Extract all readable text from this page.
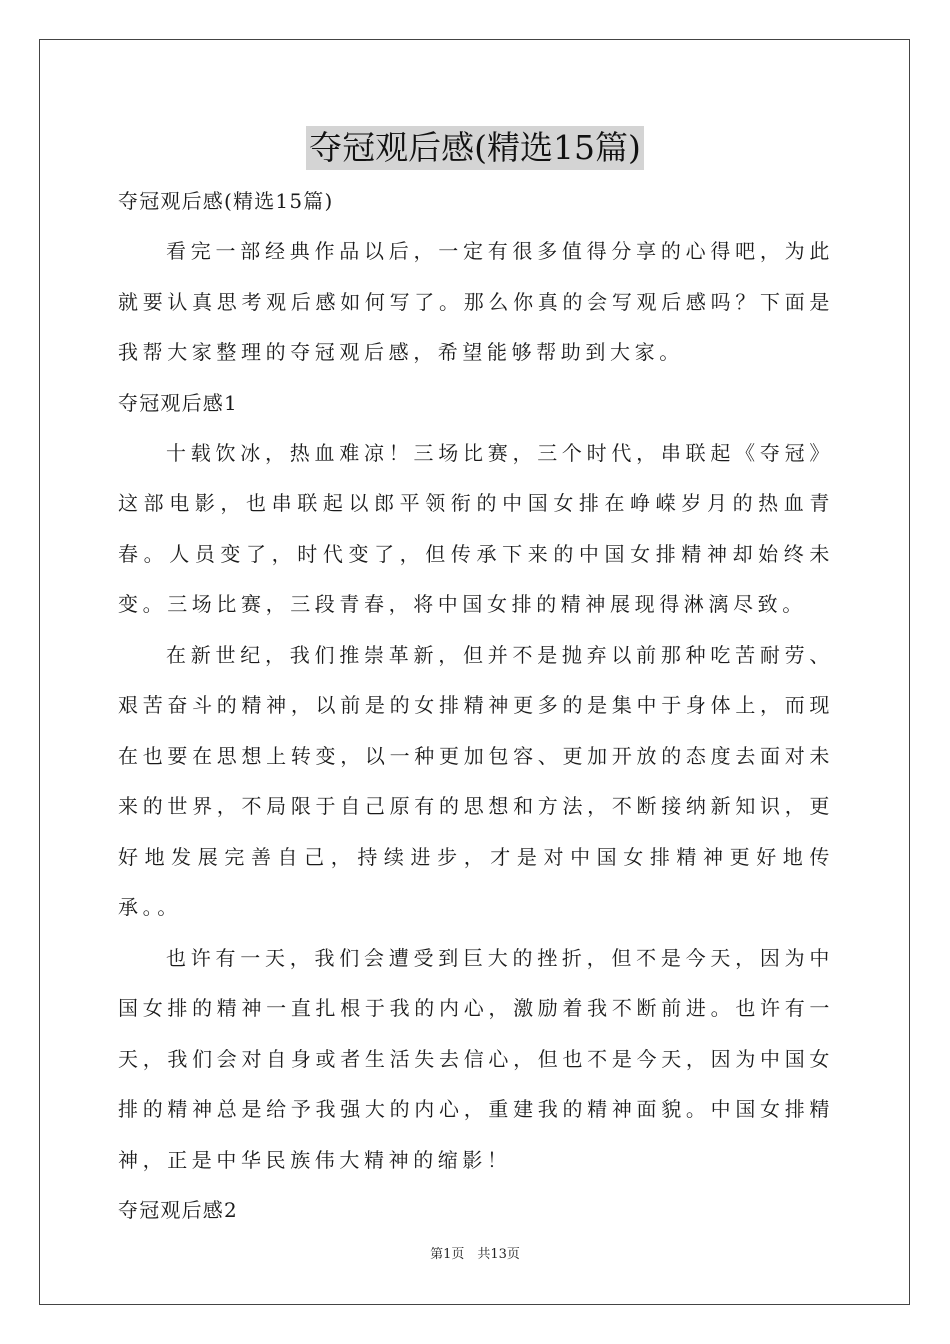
夺冠观后感(精选15篇)

夺冠观后感(精选15篇)

看完一部经典作品以后，一定有很多值得分享的心得吧，为此就要认真思考观后感如何写了。那么你真的会写观后感吗？下面是我帮大家整理的夺冠观后感，希望能够帮助到大家。

夺冠观后感1

十载饮冰，热血难凉！三场比赛，三个时代，串联起《夺冠》这部电影，也串联起以郎平领衔的中国女排在峥嵘岁月的热血青春。人员变了，时代变了，但传承下来的中国女排精神却始终未变。三场比赛，三段青春，将中国女排的精神展现得淋漓尽致。

在新世纪，我们推崇革新，但并不是抛弃以前那种吃苦耐劳、艰苦奋斗的精神，以前是的女排精神更多的是集中于身体上，而现在也要在思想上转变，以一种更加包容、更加开放的态度去面对未来的世界，不局限于自己原有的思想和方法，不断接纳新知识，更好地发展完善自己，持续进步，才是对中国女排精神更好地传承。。

也许有一天，我们会遭受到巨大的挫折，但不是今天，因为中国女排的精神一直扎根于我的内心，激励着我不断前进。也许有一天，我们会对自身或者生活失去信心，但也不是今天，因为中国女排的精神总是给予我强大的内心，重建我的精神面貌。中国女排精神，正是中华民族伟大精神的缩影！

夺冠观后感2

第1页　共13页
